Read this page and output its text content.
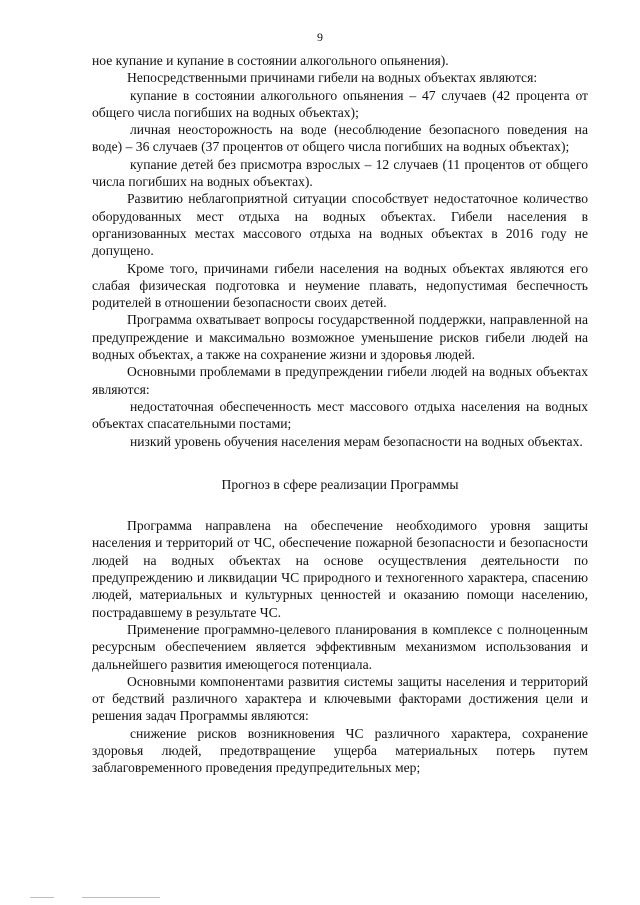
9

ное купание и купание в состоянии алкогольного опьянения).

Непосредственными причинами гибели на водных объектах являются:

купание в состоянии алкогольного опьянения – 47 случаев (42 процента от общего числа погибших на водных объектах);

личная неосторожность на воде (несоблюдение безопасного поведения на воде) – 36 случаев (37 процентов от общего числа погибших на водных объектах);

купание детей без присмотра взрослых – 12 случаев (11 процентов от общего числа погибших на водных объектах).

Развитию неблагоприятной ситуации способствует недостаточное количество оборудованных мест отдыха на водных объектах. Гибели населения в организованных местах массового отдыха на водных объектах в 2016 году не допущено.

Кроме того, причинами гибели населения на водных объектах являются его слабая физическая подготовка и неумение плавать, недопустимая беспечность родителей в отношении безопасности своих детей.

Программа охватывает вопросы государственной поддержки, направленной на предупреждение и максимально возможное уменьшение рисков гибели людей на водных объектах, а также на сохранение жизни и здоровья людей.

Основными проблемами в предупреждении гибели людей на водных объектах являются:

недостаточная обеспеченность мест массового отдыха населения на водных объектах спасательными постами;

низкий уровень обучения населения мерам безопасности на водных объектах.

Прогноз в сфере реализации Программы

Программа направлена на обеспечение необходимого уровня защиты населения и территорий от ЧС, обеспечение пожарной безопасности и безопасности людей на водных объектах на основе осуществления деятельности по предупреждению и ликвидации ЧС природного и техногенного характера, спасению людей, материальных и культурных ценностей и оказанию помощи населению, пострадавшему в результате ЧС.

Применение программно-целевого планирования в комплексе с полноценным ресурсным обеспечением является эффективным механизмом использования и дальнейшего развития имеющегося потенциала.

Основными компонентами развития системы защиты населения и территорий от бедствий различного характера и ключевыми факторами достижения цели и решения задач Программы являются:

снижение рисков возникновения ЧС различного характера, сохранение здоровья людей, предотвращение ущерба материальных потерь путем заблаговременного проведения предупредительных мер;
